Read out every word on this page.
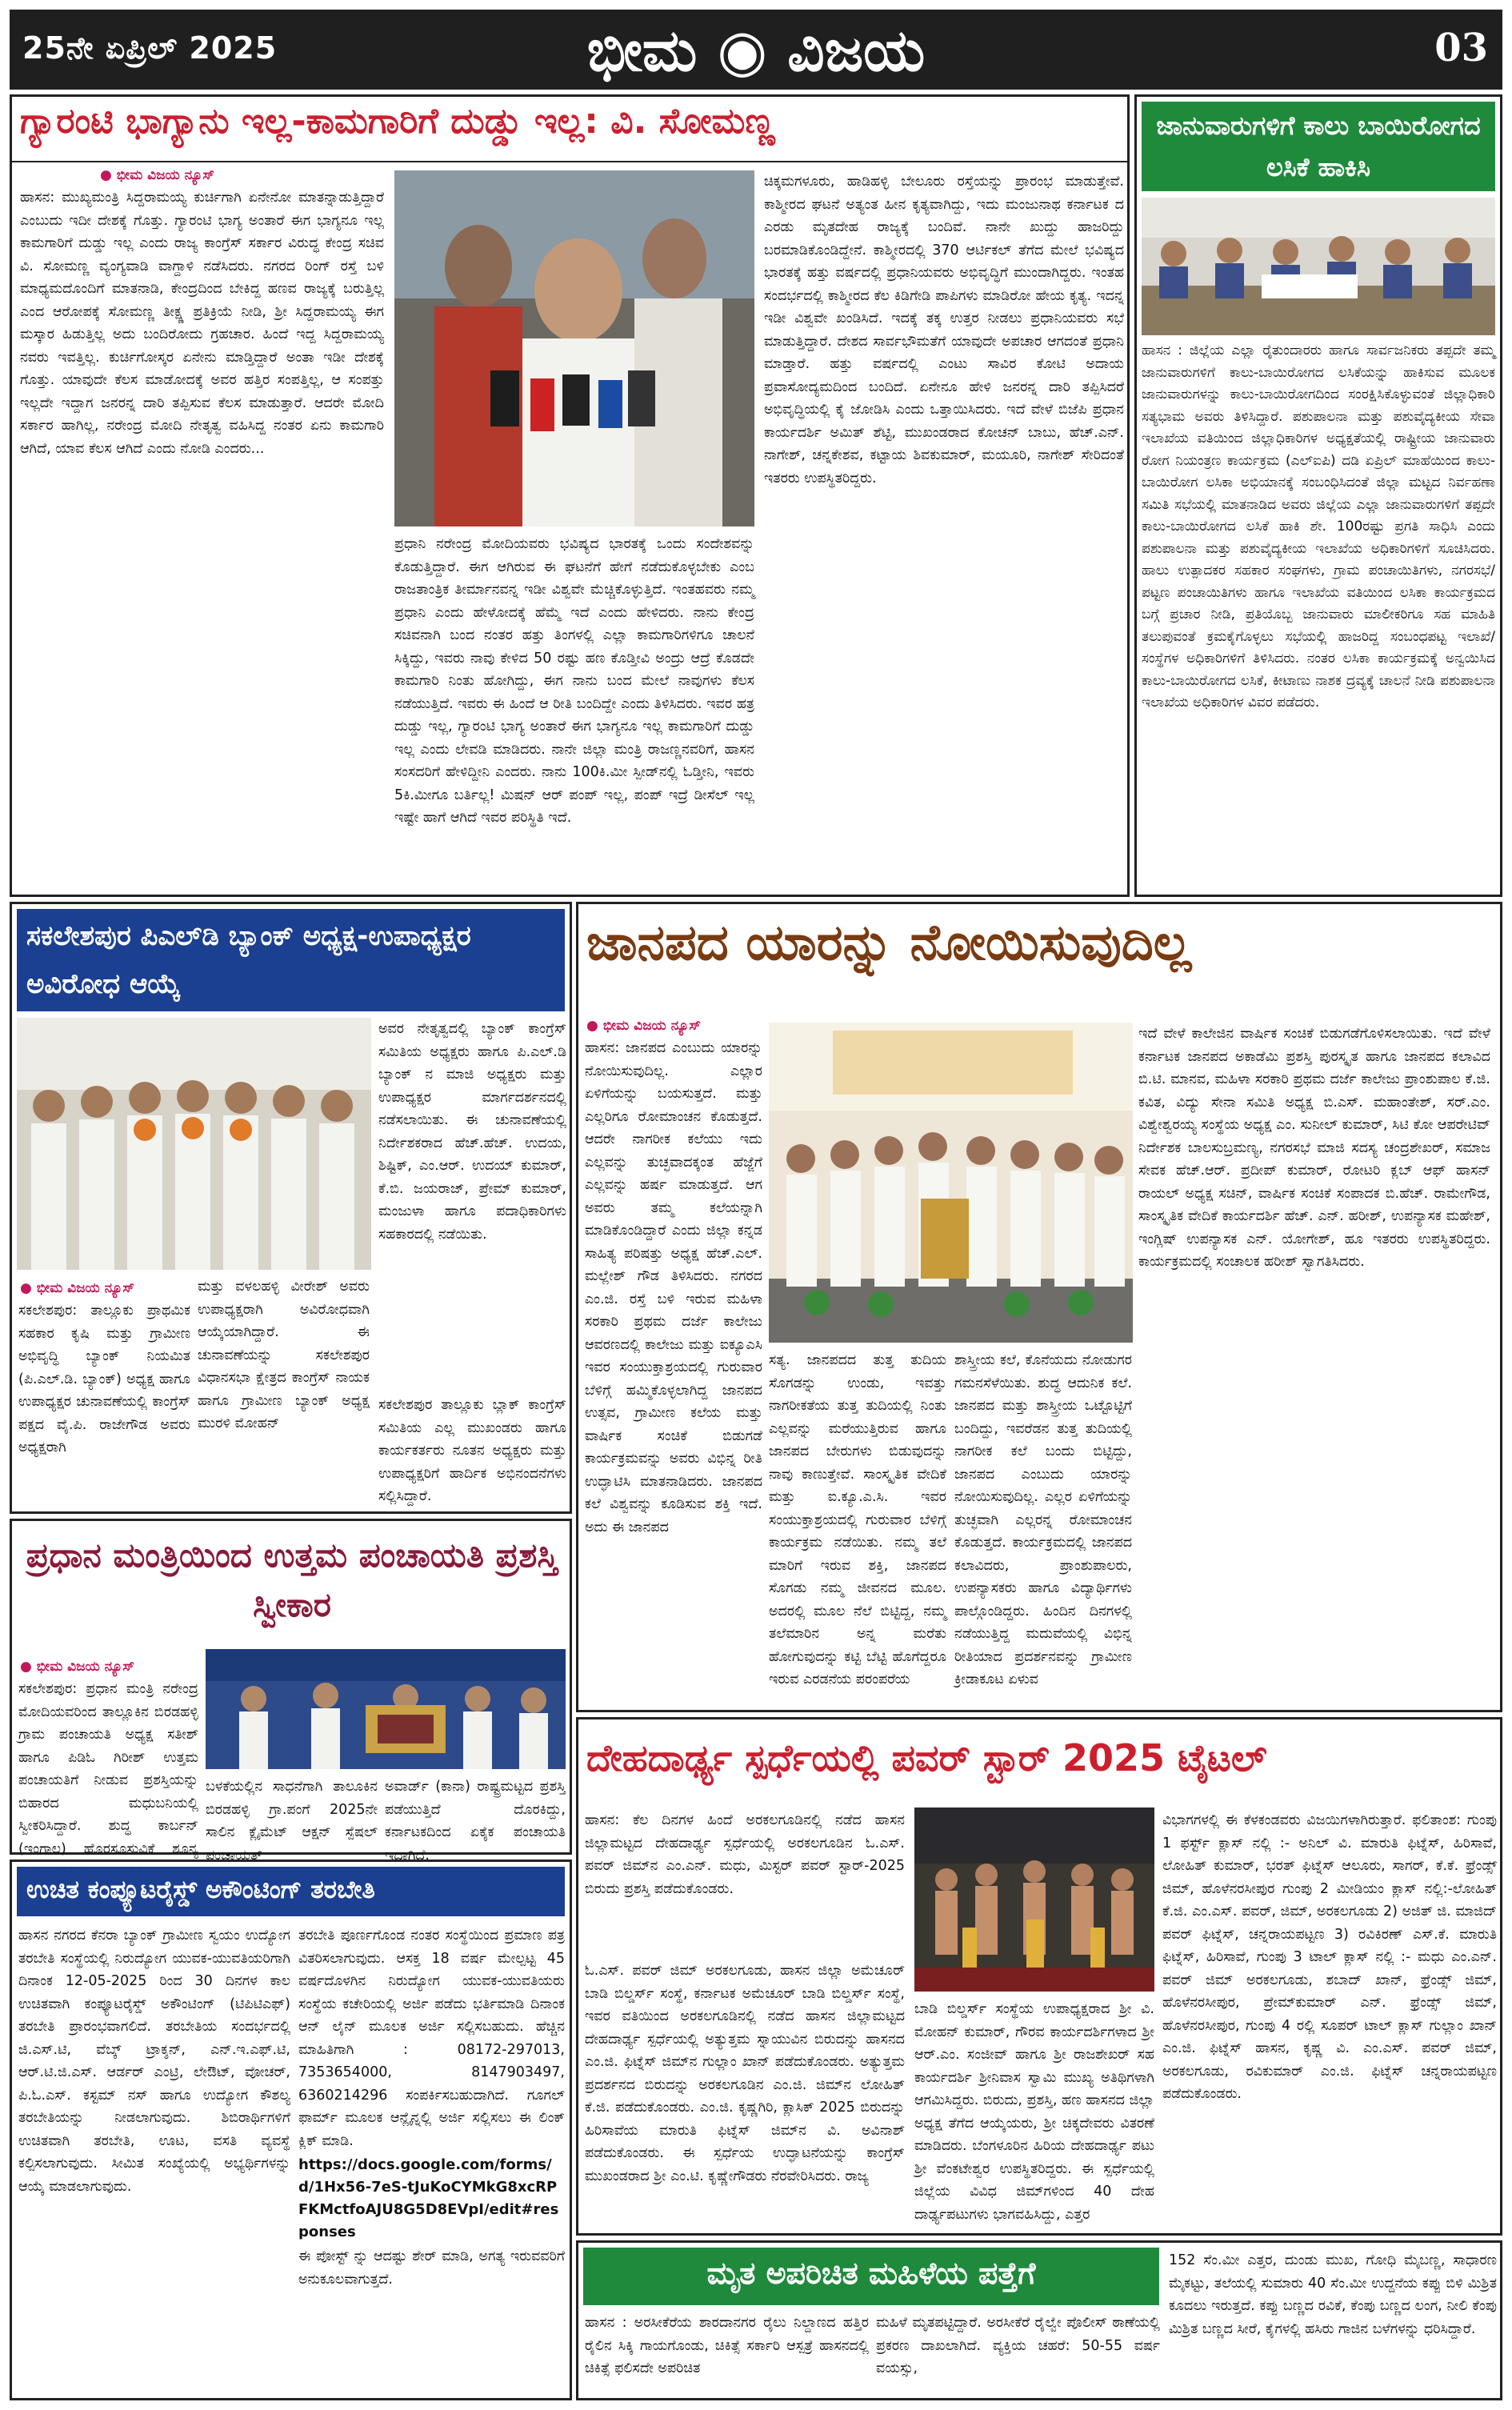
25ನೇ ಏಪ್ರಿಲ್ 2025	ಭೀಮ ◉ ವಿಜಯ	03
ಗ್ಯಾರಂಟಿ ಭಾಗ್ಯಾನು ಇಲ್ಲ-ಕಾಮಗಾರಿಗೆ ದುಡ್ಡು ಇಲ್ಲ: ವಿ. ಸೋಮಣ್ಣ
● ಭೀಮ ವಿಜಯ ನ್ಯೂಸ್
ಹಾಸನ: ಮುಖ್ಯಮಂತ್ರಿ ಸಿದ್ದರಾಮಯ್ಯ ಕುರ್ಚಿಗಾಗಿ ಏನೇನೋ ಮಾತನ್ನಾಡುತ್ತಿದ್ದಾರೆ ಎಂಬುದು ಇದೀ ದೇಶಕ್ಕೆ ಗೊತ್ತು. ಗ್ಯಾರಂಟಿ ಭಾಗ್ಯ ಅಂತಾರೆ ಈಗ ಭಾಗ್ಯನೂ ಇಲ್ಲ ಕಾಮಗಾರಿಗೆ ದುಡ್ಡು ಇಲ್ಲ ಎಂದು ರಾಜ್ಯ ಕಾಂಗ್ರೆಸ್ ಸರ್ಕಾರ ವಿರುದ್ಧ ಕೇಂದ್ರ ಸಚಿವ ವಿ. ಸೋಮಣ್ಣ ವ್ಯಂಗ್ಯವಾಡಿ ವಾಗ್ದಾಳಿ ನಡೆಸಿದರು. ನಗರದ ರಿಂಗ್ ರಸ್ತೆ ಬಳಿ ಮಾಧ್ಯಮದೊಂದಿಗೆ ಮಾತನಾಡಿ, ಕೇಂದ್ರದಿಂದ ಬೇಕಿದ್ದ ಹಣವ ರಾಜ್ಯಕ್ಕೆ ಬರುತ್ತಿಲ್ಲ ಎಂದ ಆರೋಪಕ್ಕೆ ಸೋಮಣ್ಣ ತೀಕ್ಷ್ಣ ಪ್ರತಿಕ್ರಿಯೆ ನೀಡಿ, ಶ್ರೀ ಸಿದ್ದರಾಮಯ್ಯ ಈಗ ಮಸ್ಕಾರ ಹಿಡುತ್ತಿಲ್ಲ ಅದು ಬಂದಿರೋದು ಗ್ರಹಚಾರ. ಹಿಂದೆ ಇದ್ದ ಸಿದ್ದರಾಮಯ್ಯ ನವರು ಇವತ್ತಿಲ್ಲ. ಕುರ್ಚಿಗೋಸ್ಕರ ಏನೇನು ಮಾಡ್ತಿದ್ದಾರೆ ಅಂತಾ ಇಡೀ ದೇಶಕ್ಕೆ ಗೊತ್ತು. ಯಾವುದೇ ಕೆಲಸ ಮಾಡೋದಕ್ಕೆ ಅವರ ಹತ್ತಿರ ಸಂಪತ್ತಿಲ್ಲ, ಆ ಸಂಪತ್ತು ಇಲ್ಲದೇ ಇದ್ದಾಗ ಜನರನ್ನ ದಾರಿ ತಪ್ಪಿಸುವ ಕೆಲಸ ಮಾಡುತ್ತಾರೆ. ಆದರೇ ಮೋದಿ ಸರ್ಕಾರ ಹಾಗಿಲ್ಲ, ನರೇಂದ್ರ ಮೋದಿ ನೇತೃತ್ವ ವಹಿಸಿದ್ದ ನಂತರ ಏನು ಕಾಮಗಾರಿ ಆಗಿದೆ, ಯಾವ ಕೆಲಸ ಆಗಿದೆ ಎಂದು ನೋಡಿ ಎಂದರು...
ಪ್ರಧಾನಿ ನರೇಂದ್ರ ಮೋದಿಯವರು ಭವಿಷ್ಯದ ಭಾರತಕ್ಕೆ ಒಂದು ಸಂದೇಶವನ್ನು ಕೊಡುತ್ತಿದ್ದಾರೆ. ಈಗ ಆಗಿರುವ ಈ ಘಟನೆಗೆ ಹೇಗೆ ನಡೆದುಕೊಳ್ಳಬೇಕು ಎಂಬ ರಾಜತಾಂತ್ರಿಕ ತೀರ್ಮಾನವನ್ನ ಇಡೀ ವಿಶ್ವವೇ ಮೆಚ್ಚಿಕೊಳ್ಳುತ್ತಿದೆ. ಇಂತಹವರು ನಮ್ಮ ಪ್ರಧಾನಿ ಎಂದು ಹೇಳೋದಕ್ಕೆ ಹೆಮ್ಮೆ ಇದೆ ಎಂದು ಹೇಳಿದರು. ನಾನು ಕೇಂದ್ರ ಸಚಿವನಾಗಿ ಬಂದ ನಂತರ ಹತ್ತು ತಿಂಗಳಲ್ಲಿ ಎಲ್ಲಾ ಕಾಮಗಾರಿಗಳಿಗೂ ಚಾಲನೆ ಸಿಕ್ಕಿದ್ದು, ಇವರು ನಾವು ಕೇಳಿದ 50 ರಷ್ಟು ಹಣ ಕೊಡ್ತೀವಿ ಅಂದ್ರು ಆದ್ರೆ ಕೊಡದೇ ಕಾಮಗಾರಿ ನಿಂತು ಹೋಗಿದ್ದು, ಈಗ ನಾನು ಬಂದ ಮೇಲೆ ನಾವುಗಳು ಕೆಲಸ ನಡೆಯುತ್ತಿದೆ. ಇವರು ಈ ಹಿಂದೆ ಆ ರೀತಿ ಬಂದಿದ್ದೇ ಎಂದು ತಿಳಿಸಿದರು. ಇವರ ಹತ್ರ ದುಡ್ಡು ಇಲ್ಲ, ಗ್ಯಾರಂಟಿ ಭಾಗ್ಯ ಅಂತಾರೆ ಈಗ ಭಾಗ್ಯನೂ ಇಲ್ಲ ಕಾಮಗಾರಿಗೆ ದುಡ್ಡು ಇಲ್ಲ ಎಂದು ಲೇವಡಿ ಮಾಡಿದರು. ನಾನೇ ಜಿಲ್ಲಾ ಮಂತ್ರಿ ರಾಜಣ್ಣನವರಿಗೆ, ಹಾಸನ ಸಂಸದರಿಗೆ ಹೇಳಿದ್ದೀನಿ ಎಂದರು. ನಾನು 100ಕಿ.ಮೀ ಸ್ಪೀಡ್‌ನಲ್ಲಿ ಓಡ್ತೀನಿ, ಇವರು 5ಕಿ.ಮೀಗೂ ಬರ್ತಿಲ್ಲ! ಮಿಷನ್ ಆರ್ ಪಂಪ್ ಇಲ್ಲ, ಪಂಪ್ ಇದ್ರೆ ಡೀಸೆಲ್ ಇಲ್ಲ ಇಷ್ಟೇ ಹಾಗೆ ಆಗಿದೆ ಇವರ ಪರಿಸ್ಥಿತಿ ಇದೆ.
ಚಿಕ್ಕಮಗಳೂರು, ಹಾಡಿಹಳ್ಳಿ ಬೇಲೂರು ರಸ್ತೆಯನ್ನು ಪ್ರಾರಂಭ ಮಾಡುತ್ತೇವೆ. ಕಾಶ್ಮೀರದ ಘಟನೆ ಅತ್ಯಂತ ಹೀನ ಕೃತ್ಯವಾಗಿದ್ದು, ಇದು ಮಂಜುನಾಥ ಕರ್ನಾಟಕ ದ ಎರಡು ಮೃತದೇಹ ರಾಜ್ಯಕ್ಕೆ ಬಂದಿವೆ. ನಾನೇ ಖುದ್ದು ಹಾಜರಿದ್ದು ಬರಮಾಡಿಕೊಂಡಿದ್ದೇನೆ. ಕಾಶ್ಮೀರದಲ್ಲಿ 370 ಆರ್ಟಿಕಲ್ ತೆಗೆದ ಮೇಲೆ ಭವಿಷ್ಯದ ಭಾರತಕ್ಕೆ ಹತ್ತು ವರ್ಷದಲ್ಲಿ ಪ್ರಧಾನಿಯವರು ಅಭಿವೃದ್ಧಿಗೆ ಮುಂದಾಗಿದ್ದರು. ಇಂತಹ ಸಂದರ್ಭದಲ್ಲಿ ಕಾಶ್ಮೀರದ ಕೆಲ ಕಿಡಿಗೇಡಿ ಪಾಪಿಗಳು ಮಾಡಿರೋ ಹೇಯ ಕೃತ್ಯ. ಇದನ್ನ ಇಡೀ ವಿಶ್ವವೇ ಖಂಡಿಸಿದೆ. ಇದಕ್ಕೆ ತಕ್ಕ ಉತ್ತರ ನೀಡಲು ಪ್ರಧಾನಿಯವರು ಸಭೆ ಮಾಡುತ್ತಿದ್ದಾರೆ. ದೇಶದ ಸಾರ್ವಭೌಮತೆಗೆ ಯಾವುದೇ ಅಪಚಾರ ಆಗದಂತೆ ಪ್ರಧಾನಿ ಮಾಡ್ತಾರೆ. ಹತ್ತು ವರ್ಷದಲ್ಲಿ ಎಂಟು ಸಾವಿರ ಕೋಟಿ ಅದಾಯ ಪ್ರವಾಸೋದ್ಯಮದಿಂದ ಬಂದಿದೆ. ಏನೇನೂ ಹೇಳಿ ಜನರನ್ನ ದಾರಿ ತಪ್ಪಿಸಿದರೆ ಅಭಿವೃದ್ಧಿಯಲ್ಲಿ ಕೈ ಜೋಡಿಸಿ ಎಂದು ಒತ್ತಾಯಿಸಿದರು. ಇದೆ ವೇಳೆ ಬಿಜೆಪಿ ಪ್ರಧಾನ ಕಾರ್ಯದರ್ಶಿ ಅಮಿತ್ ಶೆಟ್ಟಿ, ಮುಖಂಡರಾದ ಕೋಚನ್ ಬಾಬು, ಹೆಚ್.ಎನ್. ನಾಗೇಶ್, ಚನ್ನಕೇಶವ, ಕಟ್ಟಾಯ ಶಿವಕುಮಾರ್, ಮಯೂರಿ, ನಾಗೇಶ್ ಸೇರಿದಂತೆ ಇತರರು ಉಪಸ್ಥಿತರಿದ್ದರು.
ಜಾನುವಾರುಗಳಿಗೆ ಕಾಲು ಬಾಯಿರೋಗದ ಲಸಿಕೆ ಹಾಕಿಸಿ
ಹಾಸನ : ಜಿಲ್ಲೆಯ ಎಲ್ಲಾ ರೈತುಂದಾರರು ಹಾಗೂ ಸಾರ್ವಜನಿಕರು ತಪ್ಪದೇ ತಮ್ಮ ಜಾನುವಾರುಗಳಿಗೆ ಕಾಲು-ಬಾಯಿರೋಗದ ಲಸಿಕೆಯನ್ನು ಹಾಕಿಸುವ ಮೂಲಕ ಜಾನುವಾರುಗಳನ್ನು ಕಾಲು-ಬಾಯಿರೋಗದಿಂದ ಸಂರಕ್ಷಿಸಿಕೊಳ್ಳುವಂತೆ ಜಿಲ್ಲಾಧಿಕಾರಿ ಸತ್ಯಭಾಮ ಅವರು ತಿಳಿಸಿದ್ದಾರೆ. ಪಶುಪಾಲನಾ ಮತ್ತು ಪಶುವೈದ್ಯಕೀಯ ಸೇವಾ ಇಲಾಖೆಯ ವತಿಯಿಂದ ಜಿಲ್ಲಾಧಿಕಾರಿಗಳ ಅಧ್ಯಕ್ಷತೆಯಲ್ಲಿ ರಾಷ್ಟ್ರೀಯ ಜಾನುವಾರು ರೋಗ ನಿಯಂತ್ರಣ ಕಾರ್ಯಕ್ರಮ (ಎಲ್‌ಐಪಿ) ದಡಿ ಏಪ್ರಿಲ್ ಮಾಹೆಯಿಂದ ಕಾಲು-ಬಾಯಿರೋಗ ಲಸಿಕಾ ಅಭಿಯಾನಕ್ಕೆ ಸಂಬಂಧಿಸಿದಂತೆ ಜಿಲ್ಲಾ ಮಟ್ಟದ ನಿರ್ವಹಣಾ ಸಮಿತಿ ಸಭೆಯಲ್ಲಿ ಮಾತನಾಡಿದ ಅವರು ಜಿಲ್ಲೆಯ ಎಲ್ಲಾ ಜಾನುವಾರುಗಳಿಗೆ ತಪ್ಪದೇ ಕಾಲು-ಬಾಯಿರೋಗದ ಲಸಿಕೆ ಹಾಕಿ ಶೇ. 100ರಷ್ಟು ಪ್ರಗತಿ ಸಾಧಿಸಿ ಎಂದು ಪಶುಪಾಲನಾ ಮತ್ತು ಪಶುವೈದ್ಯಕೀಯ ಇಲಾಖೆಯ ಅಧಿಕಾರಿಗಳಿಗೆ ಸೂಚಿಸಿದರು. ಹಾಲು ಉತ್ಪಾದಕರ ಸಹಕಾರ ಸಂಘಗಳು, ಗ್ರಾಮ ಪಂಚಾಯಿತಿಗಳು, ನಗರಸಭೆ/ ಪಟ್ಟಣ ಪಂಚಾಯಿತಿಗಳು ಹಾಗೂ ಇಲಾಖೆಯ ವತಿಯಿಂದ ಲಸಿಕಾ ಕಾರ್ಯಕ್ರಮದ ಬಗ್ಗೆ ಪ್ರಚಾರ ನೀಡಿ, ಪ್ರತಿಯೊಬ್ಬ ಜಾನುವಾರು ಮಾಲೀಕರಿಗೂ ಸಹ ಮಾಹಿತಿ ತಲುಪುವಂತೆ ಕ್ರಮಕೈಗೊಳ್ಳಲು ಸಭೆಯಲ್ಲಿ ಹಾಜರಿದ್ದ ಸಂಬಂಧಪಟ್ಟ ಇಲಾಖೆ/ ಸಂಸ್ಥೆಗಳ ಅಧಿಕಾರಿಗಳಿಗೆ ತಿಳಿಸಿದರು. ನಂತರ ಲಸಿಕಾ ಕಾರ್ಯಕ್ರಮಕ್ಕೆ ಅನ್ವಯಿಸಿದ ಕಾಲು-ಬಾಯಿರೋಗದ ಲಸಿಕೆ, ಕೀಟಾಣು ನಾಶಕ ದ್ರವ್ಯಕ್ಕೆ ಚಾಲನೆ ನೀಡಿ ಪಶುಪಾಲನಾ ಇಲಾಖೆಯ ಅಧಿಕಾರಿಗಳ ವಿವರ ಪಡೆದರು.
ಸಕಲೇಶಪುರ ಪಿಎಲ್‌ಡಿ ಬ್ಯಾಂಕ್ ಅಧ್ಯಕ್ಷ-ಉಪಾಧ್ಯಕ್ಷರ ಅವಿರೋಧ ಆಯ್ಕೆ
ಅವರ ನೇತೃತ್ವದಲ್ಲಿ ಬ್ಯಾಂಕ್ ಕಾಂಗ್ರೆಸ್ ಸಮಿತಿಯ ಅಧ್ಯಕ್ಷರು ಹಾಗೂ ಪಿ.ಎಲ್.ಡಿ ಬ್ಯಾಂಕ್ ನ ಮಾಜಿ ಅಧ್ಯಕ್ಷರು ಮತ್ತು ಉಪಾಧ್ಯಕ್ಷರ ಮಾರ್ಗದರ್ಶನದಲ್ಲಿ ನಡೆಸಲಾಯಿತು. ಈ ಚುನಾವಣೆಯಲ್ಲಿ ನಿರ್ದೇಶಕರಾದ ಹೆಚ್.ಹೆಚ್. ಉದಯ, ಶಿಷ್ಟಿಕ್, ಎಂ.ಆರ್. ಉದಯ್ ಕುಮಾರ್, ಕೆ.ಬಿ. ಜಯರಾಜ್, ಪ್ರೇಮ್ ಕುಮಾರ್, ಮಂಜುಳಾ ಹಾಗೂ ಪದಾಧಿಕಾರಿಗಳು ಸಹಕಾರದಲ್ಲಿ ನಡೆಯಿತು.
● ಭೀಮ ವಿಜಯ ನ್ಯೂಸ್
ಸಕಲೇಶಪುರ: ತಾಲ್ಲೂಕು ಪ್ರಾಥಮಿಕ ಸಹಕಾರ ಕೃಷಿ ಮತ್ತು ಗ್ರಾಮೀಣ ಅಭಿವೃದ್ಧಿ ಬ್ಯಾಂಕ್ ನಿಯಮಿತ (ಪಿ.ಎಲ್.ಡಿ. ಬ್ಯಾಂಕ್) ಅಧ್ಯಕ್ಷ ಹಾಗೂ ಉಪಾಧ್ಯಕ್ಷರ ಚುನಾವಣೆಯಲ್ಲಿ ಕಾಂಗ್ರೆಸ್ ಪಕ್ಷದ ವೈ.ಪಿ. ರಾಜೇಗೌಡ ಅವರು ಅಧ್ಯಕ್ಷರಾಗಿ
ಮತ್ತು ವಳಲಹಳ್ಳಿ ವೀರೇಶ್ ಅವರು ಉಪಾಧ್ಯಕ್ಷರಾಗಿ ಅವಿರೋಧವಾಗಿ ಆಯ್ಕೆಯಾಗಿದ್ದಾರೆ. ಈ ಚುನಾವಣೆಯನ್ನು ಸಕಲೇಶಪುರ ವಿಧಾನಸಭಾ ಕ್ಷೇತ್ರದ ಕಾಂಗ್ರೆಸ್ ನಾಯಕ ಹಾಗೂ ಗ್ರಾಮೀಣ ಬ್ಯಾಂಕ್ ಅಧ್ಯಕ್ಷ ಮುರಳಿ ಮೋಹನ್
ಸಕಲೇಶಪುರ ತಾಲ್ಲೂಕು ಬ್ಲಾಕ್ ಕಾಂಗ್ರೆಸ್ ಸಮಿತಿಯ ಎಲ್ಲ ಮುಖಂಡರು ಹಾಗೂ ಕಾರ್ಯಕರ್ತರು ನೂತನ ಅಧ್ಯಕ್ಷರು ಮತ್ತು ಉಪಾಧ್ಯಕ್ಷರಿಗೆ ಹಾರ್ದಿಕ ಅಭಿನಂದನೆಗಳು ಸಲ್ಲಿಸಿದ್ದಾರೆ.
ಜಾನಪದ ಯಾರನ್ನು ನೋಯಿಸುವುದಿಲ್ಲ
● ಭೀಮ ವಿಜಯ ನ್ಯೂಸ್
ಹಾಸನ: ಜಾನಪದ ಎಂಬುದು ಯಾರನ್ನು ನೋಯಿಸುವುದಿಲ್ಲ. ಎಲ್ಲಾರ ಏಳಿಗೆಯನ್ನು ಬಯಸುತ್ತದೆ. ಮತ್ತು ಎಲ್ಲರಿಗೂ ರೋಮಾಂಚನ ಕೊಡುತ್ತದೆ. ಆದರೇ ನಾಗರೀಕ ಕಲೆಯು ಇದು ಎಲ್ಲವನ್ನು ತುಚ್ಛವಾದಕ್ಕಂತ ಹೆಜ್ಜೆಗೆ ಎಲ್ಲವನ್ನು ಹರ್ಷ ಮಾಡುತ್ತದೆ. ಆಗ ಅವರು ತಮ್ಮ ಕಲೆಯನ್ನಾಗಿ ಮಾಡಿಕೊಂಡಿದ್ದಾರೆ ಎಂದು ಜಿಲ್ಲಾ ಕನ್ನಡ ಸಾಹಿತ್ಯ ಪರಿಷತ್ತು ಅಧ್ಯಕ್ಷ ಹೆಚ್.ಎಲ್. ಮಲ್ಲೇಶ್ ಗೌಡ ತಿಳಿಸಿದರು. ನಗರದ ಎಂ.ಜಿ. ರಸ್ತೆ ಬಳಿ ಇರುವ ಮಹಿಳಾ ಸರಕಾರಿ ಪ್ರಥಮ ದರ್ಜೆ ಕಾಲೇಜು ಆವರಣದಲ್ಲಿ ಕಾಲೇಜು ಮತ್ತು ಐಕ್ಯೂಎಸಿ ಇವರ ಸಂಯುಕ್ತಾಶ್ರಯದಲ್ಲಿ ಗುರುವಾರ ಬೆಳಿಗ್ಗೆ ಹಮ್ಮಿಕೊಳ್ಳಲಾಗಿದ್ದ ಜಾನಪದ ಉತ್ಸವ, ಗ್ರಾಮೀಣ ಕಲೆಯ ಮತ್ತು ವಾರ್ಷಿಕ ಸಂಚಿಕೆ ಬಿಡುಗಡೆ ಕಾರ್ಯಕ್ರಮವನ್ನು ಅವರು ವಿಭಿನ್ನ ರೀತಿ ಉದ್ಘಾಟಿಸಿ ಮಾತನಾಡಿದರು. ಜಾನಪದ ಕಲೆ ವಿಶ್ವವನ್ನು ಕೂಡಿಸುವ ಶಕ್ತಿ ಇದೆ. ಅದು ಈ ಜಾನಪದ
ಸತ್ಯ. ಜಾನಪದದ ತುತ್ತ ತುದಿಯ ಸೊಗಡನ್ನು ಉಂಡು, ಇವತ್ತು ನಾಗರೀಕತೆಯ ತುತ್ತ ತುದಿಯಲ್ಲಿ ನಿಂತು ಎಲ್ಲವನ್ನು ಮರೆಯುತ್ತಿರುವ ಹಾಗೂ ಜಾನಪದ ಬೇರುಗಳು ಬಿಡುವುದನ್ನು ನಾವು ಕಾಣುತ್ತೇವೆ. ಸಾಂಸ್ಕೃತಿಕ ವೇದಿಕೆ ಮತ್ತು ಐ.ಕ್ಯೂ.ಎ.ಸಿ. ಇವರ ಸಂಯುಕ್ತಾಶ್ರಯದಲ್ಲಿ ಗುರುವಾರ ಬೆಳಿಗ್ಗೆ ಕಾರ್ಯಕ್ರಮ ನಡೆಯಿತು. ನಮ್ಮ ತಲೆ ಮಾರಿಗೆ ಇರುವ ಶಕ್ತಿ, ಜಾನಪದ ಸೊಗಡು ನಮ್ಮ ಜೀವನದ ಮೂಲ. ಅದರಲ್ಲಿ ಮೂಲ ನೆಲೆ ಬಿಟ್ಟಿದ್ದ, ನಮ್ಮ ತಲೆಮಾರಿನ ಅನ್ನ ಮರೆತು ಹೋಗುವುದನ್ನು ಕಟ್ಟಿ ಬೆಟ್ಟಿ ಹೊಗೆದ್ದರೂ ಇರುವ ಎರಡನೆಯ ಪರಂಪರೆಯ
ಶಾಸ್ತ್ರೀಯ ಕಲೆ, ಕೊನೆಯದು ನೋಡುಗರ ಗಮನಸೆಳೆಯಿತು. ಶುದ್ಧ ಆದುನಿಕ ಕಲೆ. ಜಾನಪದ ಮತ್ತು ಶಾಸ್ತ್ರೀಯ ಒಟ್ಟೊಟ್ಟಿಗೆ ಬಂದಿದ್ದು, ಇವರೆಡನ ತುತ್ತ ತುದಿಯಲ್ಲಿ ನಾಗರೀಕ ಕಲೆ ಬಂದು ಬಿಟ್ಟಿದ್ದು, ಜಾನಪದ ಎಂಬುದು ಯಾರನ್ನು ನೋಯಿಸುವುದಿಲ್ಲ. ಎಲ್ಲರ ಏಳಿಗೆಯನ್ನು ತುಚ್ಛವಾಗಿ ಎಲ್ಲರನ್ನ ರೋಮಾಂಚನ ಕೊಡುತ್ತದೆ. ಕಾರ್ಯಕ್ರಮದಲ್ಲಿ ಜಾನಪದ ಕಲಾವಿದರು, ಪ್ರಾಂಶುಪಾಲರು, ಉಪನ್ಯಾಸಕರು ಹಾಗೂ ವಿದ್ಯಾರ್ಥಿಗಳು ಪಾಲ್ಗೊಂಡಿದ್ದರು. ಹಿಂದಿನ ದಿನಗಳಲ್ಲಿ ನಡೆಯುತ್ತಿದ್ದ ಮದುವೆಯಲ್ಲಿ ವಿಭಿನ್ನ ರೀತಿಯಾದ ಪ್ರದರ್ಶನವನ್ನು ಗ್ರಾಮೀಣ ಕ್ರೀಡಾಕೂಟ ಏಳುವ
ಇದೆ ವೇಳೆ ಕಾಲೇಜಿನ ವಾರ್ಷಿಕ ಸಂಚಿಕೆ ಬಿಡುಗಡೆಗೊಳಿಸಲಾಯಿತು. ಇದೆ ವೇಳೆ ಕರ್ನಾಟಕ ಜಾನಪದ ಅಕಾಡೆಮಿ ಪ್ರಶಸ್ತಿ ಪುರಸ್ಕೃತ ಹಾಗೂ ಜಾನಪದ ಕಲಾವಿದ ಬಿ.ಟಿ. ಮಾನವ, ಮಹಿಳಾ ಸರಕಾರಿ ಪ್ರಥಮ ದರ್ಜೆ ಕಾಲೇಜು ಪ್ರಾಂಶುಪಾಲ ಕೆ.ಜಿ. ಕವಿತ, ವಿದ್ಯು ಸೇನಾ ಸಮಿತಿ ಅಧ್ಯಕ್ಷ ಬಿ.ಎಸ್. ಮಹಾಂತೇಶ್, ಸರ್.ಎಂ. ವಿಶ್ವೇಶ್ವರಯ್ಯ ಸಂಸ್ಥೆಯ ಅಧ್ಯಕ್ಷ ಎಂ. ಸುನೀಲ್ ಕುಮಾರ್, ಸಿಟಿ ಕೋ ಆಪರೇಟಿವ್ ನಿರ್ದೇಶಕ ಬಾಲಸುಬ್ರಮಣ್ಯ, ನಗರಸಭೆ ಮಾಜಿ ಸದಸ್ಯ ಚಂದ್ರಶೇಖರ್, ಸಮಾಜ ಸೇವಕ ಹೆಚ್.ಆರ್. ಪ್ರದೀಪ್ ಕುಮಾರ್, ರೋಟರಿ ಕ್ಲಬ್ ಆಫ್ ಹಾಸನ್ ರಾಯಲ್ ಅಧ್ಯಕ್ಷ ಸಚಿನ್, ವಾರ್ಷಿಕ ಸಂಚಿಕೆ ಸಂಪಾದಕ ಬಿ.ಹೆಚ್. ರಾಮೇಗೌಡ, ಸಾಂಸ್ಕೃತಿಕ ವೇದಿಕೆ ಕಾರ್ಯದರ್ಶಿ ಹೆಚ್. ಎನ್. ಹರೀಶ್, ಉಪನ್ಯಾಸಕ ಮಹೇಶ್, ಇಂಗ್ಲಿಷ್ ಉಪನ್ಯಾಸಕ ಎನ್. ಯೋಗೇಶ್, ಹೂ ಇತರರು ಉಪಸ್ಥಿತರಿದ್ದರು. ಕಾರ್ಯಕ್ರಮದಲ್ಲಿ ಸಂಚಾಲಕ ಹರೀಶ್ ಸ್ವಾಗತಿಸಿದರು.
ಪ್ರಧಾನ ಮಂತ್ರಿಯಿಂದ ಉತ್ತಮ ಪಂಚಾಯತಿ ಪ್ರಶಸ್ತಿ ಸ್ವೀಕಾರ
● ಭೀಮ ವಿಜಯ ನ್ಯೂಸ್
ಸಕಲೇಶಪುರ: ಪ್ರಧಾನ ಮಂತ್ರಿ ನರೇಂದ್ರ ಮೋದಿಯವರಿಂದ ತಾಲ್ಲೂಕಿನ ಬಿರಡಹಳ್ಳಿ ಗ್ರಾಮ ಪಂಚಾಯತಿ ಅಧ್ಯಕ್ಷ ಸತೀಶ್ ಹಾಗೂ ಪಿಡಿಓ ಗಿರೀಶ್ ಉತ್ತಮ ಪಂಚಾಯತಿಗೆ ನೀಡುವ ಪ್ರಶಸ್ತಿಯನ್ನು ಬಿಹಾರದ ಮಧುಬನಿಯಲ್ಲಿ ಸ್ವೀಕರಿಸಿದ್ದಾರೆ. ಶುದ್ಧ ಕಾರ್ಬನ್ (ಇಂಗಾಲ) ಹೊರಸೂಸುವಿಕೆ ಶೂನ್ಯ
ಬಳಕೆಯಲ್ಲಿನ ಸಾಧನೆಗಾಗಿ ತಾಲೂಕಿನ ಬಿರಡಹಳ್ಳಿ ಗ್ರಾ.ಪಂಗೆ 2025ನೇ ಸಾಲಿನ ಕ್ಲೈಮೆಟ್ ಆಕ್ಷನ್ ಸ್ಪೆಷಲ್ ಪಂಚಾಯತ್
ಅವಾರ್ಡ್ (ಕಾನಾ) ರಾಷ್ಟ್ರಮಟ್ಟದ ಪ್ರಶಸ್ತಿ ಪಡೆಯುತ್ತಿದೆ ದೊರಕಿದ್ದು, ಕರ್ನಾಟಕದಿಂದ ಏಕೈಕ ಪಂಚಾಯತಿ ಇದಾಗಿದೆ.
ಉಚಿತ ಕಂಪ್ಯೂಟರೈಸ್ಡ್ ಅಕೌಂಟಿಂಗ್ ತರಬೇತಿ
ಹಾಸನ ನಗರದ ಕೆನರಾ ಬ್ಯಾಂಕ್ ಗ್ರಾಮೀಣ ಸ್ವಯಂ ಉದ್ಯೋಗ ತರಬೇತಿ ಸಂಸ್ಥೆಯಲ್ಲಿ ನಿರುದ್ಯೋಗ ಯುವಕ-ಯುವತಿಯರಿಗಾಗಿ ದಿನಾಂಕ 12-05-2025 ರಿಂದ 30 ದಿನಗಳ ಕಾಲ ಉಚಿತವಾಗಿ ಕಂಪ್ಯೂಟರೈಸ್ಡ್ ಅಕೌಂಟಿಂಗ್ (ಟಿಪಿಟಿಎಫ್) ತರಬೇತಿ ಪ್ರಾರಂಭವಾಗಲಿದೆ. ತರಬೇತಿಯ ಸಂದರ್ಭದಲ್ಲಿ ಜಿ.ಎಸ್.ಟಿ, ವೆಬ್ಕ್ ಟ್ರಾಕ್ಶನ್, ಎನ್.ಇ.ಎಫ್.ಟಿ, ಆರ್.ಟಿ.ಜಿ.ಎಸ್. ಆರ್ಡರ್ ಎಂಟ್ರಿ, ಲೇಔಟ್, ವೋಚರ್, ಪಿ.ಓ.ಎಸ್. ಕಸ್ಟಮ್ ನಸ್ ಹಾಗೂ ಉದ್ಯೋಗ ಕೌಶಲ್ಯ ತರಬೇತಿಯನ್ನು ನೀಡಲಾಗುವುದು. ಶಿಬಿರಾರ್ಥಿಗಳಿಗೆ ಉಚಿತವಾಗಿ ತರಬೇತಿ, ಊಟ, ವಸತಿ ವ್ಯವಸ್ಥೆ ಕಲ್ಪಿಸಲಾಗುವುದು. ಸೀಮಿತ ಸಂಖ್ಯೆಯಲ್ಲಿ ಅಭ್ಯರ್ಥಿಗಳನ್ನು ಆಯ್ಕೆ ಮಾಡಲಾಗುವುದು.
ತರಬೇತಿ ಪೂರ್ಣಗೊಂಡ ನಂತರ ಸಂಸ್ಥೆಯಿಂದ ಪ್ರಮಾಣ ಪತ್ರ ವಿತರಿಸಲಾಗುವುದು. ಆಸಕ್ತ 18 ವರ್ಷ ಮೇಲ್ಪಟ್ಟ 45 ವರ್ಷದೊಳಗಿನ ನಿರುದ್ಯೋಗ ಯುವಕ-ಯುವತಿಯರು ಸಂಸ್ಥೆಯ ಕಚೇರಿಯಲ್ಲಿ ಅರ್ಜಿ ಪಡೆದು ಭರ್ತಿಮಾಡಿ ದಿನಾಂಕ ಆನ್ ಲೈನ್ ಮೂಲಕ ಅರ್ಜಿ ಸಲ್ಲಿಸಬಹುದು. ಹೆಚ್ಚಿನ ಮಾಹಿತಿಗಾಗಿ : 08172-297013, 7353654000, 8147903497, 6360214296 ಸಂಪರ್ಕಿಸಬಹುದಾಗಿದೆ. ಗೂಗಲ್ ಫಾರ್ಮ್ ಮೂಲಕ ಆನ್ಲೈನ್ನಲ್ಲಿ ಅರ್ಜಿ ಸಲ್ಲಿಸಲು ಈ ಲಿಂಕ್ ಕ್ಲಿಕ್ ಮಾಡಿ.
https://docs.google.com/forms/d/1Hx56-7eS-tJuKoCYMkG8xcRPFKMctfoAJU8G5D8EVpI/edit#responses
ಈ ಪೋಸ್ಟ್ ನ್ನು ಆದಷ್ಟು ಶೇರ್ ಮಾಡಿ, ಅಗತ್ಯ ಇರುವವರಿಗೆ ಅನುಕೂಲವಾಗುತ್ತದೆ.
ದೇಹದಾರ್ಢ್ಯ ಸ್ಪರ್ಧೆಯಲ್ಲಿ ಪವರ್ ಸ್ಟಾರ್ 2025 ಟೈಟಲ್
ಹಾಸನ: ಕೆಲ ದಿನಗಳ ಹಿಂದೆ ಅರಕಲಗೂಡಿನಲ್ಲಿ ನಡೆದ ಹಾಸನ ಜಿಲ್ಲಾಮಟ್ಟದ ದೇಹದಾರ್ಢ್ಯ ಸ್ಪರ್ಧೆಯಲ್ಲಿ ಅರಕಲಗೂಡಿನ ಓ.ಎಸ್. ಪವರ್ ಜಿಮ್‌ನ ಎಂ.ಎನ್. ಮಧು, ಮಿಸ್ಟರ್ ಪವರ್ ಸ್ಟಾರ್-2025 ಬಿರುದು ಪ್ರಶಸ್ತಿ ಪಡೆದುಕೊಂಡರು.
ಓ.ಎಸ್. ಪವರ್ ಜಿಮ್ ಅರಕಲಗೂಡು, ಹಾಸನ ಜಿಲ್ಲಾ ಅಮೆಚೂರ್ ಬಾಡಿ ಬಿಲ್ಡರ್ಸ್ ಸಂಸ್ಥೆ, ಕರ್ನಾಟಕ ಅಮೆಚೂರ್ ಬಾಡಿ ಬಿಲ್ಡರ್ಸ್ ಸಂಸ್ಥೆ, ಇವರ ವತಿಯಿಂದ ಅರಕಲಗೂಡಿನಲ್ಲಿ ನಡೆದ ಹಾಸನ ಜಿಲ್ಲಾಮಟ್ಟದ ದೇಹದಾರ್ಢ್ಯ ಸ್ಪರ್ಧೆಯಲ್ಲಿ ಅತ್ಯುತ್ತಮ ಸ್ನಾಯುವಿನ ಬಿರುದನ್ನು ಹಾಸನದ ಎಂ.ಜಿ. ಫಿಟ್ನೆಸ್ ಜಿಮ್‌ನ ಗುಲ್ಲಾಂ ಖಾನ್ ಪಡೆದುಕೊಂಡರು. ಅತ್ಯುತ್ತಮ ಪ್ರದರ್ಶನದ ಬಿರುದನ್ನು ಅರಕಲಗೂಡಿನ ಎಂ.ಜಿ. ಜಿಮ್‌ನ ಲೋಹಿತ್ ಕೆ.ಜಿ. ಪಡೆದುಕೊಂಡರು. ಎಂ.ಜಿ. ಕೃಷ್ಣಗಿರಿ, ಕ್ಲಾಸಿಕ್ 2025 ಬಿರುದನ್ನು ಹಿರಿಸಾವೆಯ ಮಾರುತಿ ಫಿಟ್ನೆಸ್ ಜಿಮ್‌ನ ವಿ. ಅವಿನಾಶ್ ಪಡೆದುಕೊಂಡರು. ಈ ಸ್ಪರ್ಧೆಯ ಉದ್ಘಾಟನೆಯನ್ನು ಕಾಂಗ್ರೆಸ್ ಮುಖಂಡರಾದ ಶ್ರೀ ಎಂ.ಟಿ. ಕೃಷ್ಣೇಗೌಡರು ನೆರವೇರಿಸಿದರು. ರಾಜ್ಯ
ಬಾಡಿ ಬಿಲ್ಡರ್ಸ್ ಸಂಸ್ಥೆಯ ಉಪಾಧ್ಯಕ್ಷರಾದ ಶ್ರೀ ವಿ. ಮೋಹನ್ ಕುಮಾರ್, ಗೌರವ ಕಾರ್ಯದರ್ಶಿಗಳಾದ ಶ್ರೀ ಆರ್.ಎಂ. ಸಂಜೀವ್‌ ಹಾಗೂ ಶ್ರೀ ರಾಜಶೇಖರ್ ಸಹ ಕಾರ್ಯದರ್ಶಿ ಶ್ರೀನಿವಾಸ ಸ್ವಾಮಿ ಮುಖ್ಯ ಅತಿಥಿಗಳಾಗಿ ಆಗಮಿಸಿದ್ದರು. ಬಿರುದು, ಪ್ರಶಸ್ತಿ, ಹಣ ಹಾಸನದ ಜಿಲ್ಲಾ ಅಧ್ಯಕ್ಷ ತೆಗೆದ ಆಯ್ಕೆಯರು, ಶ್ರೀ ಚಿಕ್ಕದೇವರು ವಿತರಣೆ ಮಾಡಿದರು. ಬೆಂಗಳೂರಿನ ಹಿರಿಯ ದೇಹದಾರ್ಢ್ಯ ಪಟು ಶ್ರೀ ವೆಂಕಟೇಶ್ವರ ಉಪಸ್ಥಿತರಿದ್ದರು. ಈ ಸ್ಪರ್ಧೆಯಲ್ಲಿ ಜಿಲ್ಲೆಯ ವಿವಿಧ ಜಿಮ್‌ಗಳಿಂದ 40 ದೇಹ ದಾರ್ಢ್ಯಪಟುಗಳು ಭಾಗವಹಿಸಿದ್ದು, ಎತ್ತರ
ವಿಭಾಗಗಳಲ್ಲಿ ಈ ಕೆಳಕಂಡವರು ವಿಜಯಿಗಳಾಗಿರುತ್ತಾರೆ. ಫಲಿತಾಂಶ: ಗುಂಪು 1 ಫರ್ಸ್ಟ್ ಕ್ಲಾಸ್ ನಲ್ಲಿ :- ಅನಿಲ್ ವಿ. ಮಾರುತಿ ಫಿಟ್ನೆಸ್, ಹಿರಿಸಾವೆ, ಲೋಹಿತ್ ಕುಮಾರ್, ಭರತ್ ಫಿಟ್ನೆಸ್ ಆಲೂರು, ಸಾಗರ್, ಕೆ.ಕೆ. ಫ್ರೆಂಡ್ಸ್ ಜಿಮ್, ಹೊಳೆನರಸೀಪುರ ಗುಂಪು 2 ಮೀಡಿಯಂ ಕ್ಲಾಸ್ ನಲ್ಲಿ:-ಲೋಹಿತ್ ಕೆ.ಜಿ. ಎಂ.ಎಸ್. ಪವರ್, ಜಿಮ್, ಅರಕಲಗೂಡು 2) ಅಜಿತ್ ಜಿ. ಮಾಜಿದ್ ಪವರ್ ಫಿಟ್ನೆಸ್, ಚನ್ನರಾಯಪಟ್ಟಣ 3) ರವಿಕಿರಣ್ ಎಸ್.ಕೆ. ಮಾರುತಿ ಫಿಟ್ನೆಸ್, ಹಿರಿಸಾವೆ, ಗುಂಪು 3 ಟಾಲ್ ಕ್ಲಾಸ್ ನಲ್ಲಿ :- ಮಧು ಎಂ.ಎನ್. ಪವರ್ ಜಿಮ್ ಅರಕಲಗೂಡು, ಶಬಾದ್ ಖಾನ್, ಫ್ರೆಂಡ್ಸ್ ಜಿಮ್, ಹೊಳೆನರಸೀಪುರ, ಪ್ರೇಮ್‌ಕುಮಾರ್ ಎನ್. ಫ್ರೆಂಡ್ಸ್ ಜಿಮ್, ಹೊಳೆನರಸೀಪುರ, ಗುಂಪು 4 ರಲ್ಲಿ ಸೂಪರ್ ಟಾಲ್ ಕ್ಲಾಸ್ ಗುಲ್ಲಾಂ ಖಾನ್ ಎಂ.ಜಿ. ಫಿಟ್ನೆಸ್ ಹಾಸನ, ಕೃಷ್ಣ ವಿ. ಎಂ.ಎಸ್. ಪವರ್ ಜಿಮ್, ಅರಕಲಗೂಡು, ರವಿಕುಮಾರ್ ಎಂ.ಜಿ. ಫಿಟ್ನೆಸ್ ಚನ್ನರಾಯಪಟ್ಟಣ ಪಡೆದುಕೊಂಡರು.
ಮೃತ ಅಪರಿಚಿತ ಮಹಿಳೆಯ ಪತ್ತೆಗೆ
ಹಾಸನ : ಅರಸೀಕೆರೆಯ ಶಾರದಾನಗರ ರೈಲು ನಿಲ್ದಾಣದ ಹತ್ತಿರ ರೈಲಿನ ಸಿಕ್ಕಿ ಗಾಯಗೊಂಡು, ಚಿಕಿತ್ಸೆ ಸರ್ಕಾರಿ ಆಸ್ಪತ್ರೆ ಹಾಸನದಲ್ಲಿ ಚಿಕಿತ್ಸೆ ಫಲಿಸದೇ ಅಪರಿಚಿತ
ಮಹಿಳೆ ಮೃತಪಟ್ಟಿದ್ದಾರೆ. ಅರಸೀಕೆರೆ ರೈಲ್ವೇ ಪೊಲೀಸ್ ಠಾಣೆಯಲ್ಲಿ ಪ್ರಕರಣ ದಾಖಲಾಗಿದೆ. ವ್ಯಕ್ತಿಯ ಚಹರೆ: 50-55 ವರ್ಷ ವಯಸ್ಸು,
152 ಸೆಂ.ಮೀ ಎತ್ತರ, ದುಂಡು ಮುಖ, ಗೋಧಿ ಮೈಬಣ್ಣ, ಸಾಧಾರಣ ಮೈಕಟ್ಟು, ತಲೆಯಲ್ಲಿ ಸುಮಾರು 40 ಸೆಂ.ಮೀ ಉದ್ದನೆಯ ಕಪ್ಪು ಬಿಳಿ ಮಿಶ್ರಿತ ಕೂದಲು ಇರುತ್ತದೆ. ಕಪ್ಪು ಬಣ್ಣದ ರವಿಕೆ, ಕೆಂಪು ಬಣ್ಣದ ಲಂಗ, ನೀಲಿ ಕೆಂಪು ಮಿಶ್ರಿತ ಬಣ್ಣದ ಸೀರೆ, ಕೈಗಳಲ್ಲಿ ಹಸಿರು ಗಾಜಿನ ಬಳೆಗಳನ್ನು ಧರಿಸಿದ್ದಾರೆ.
